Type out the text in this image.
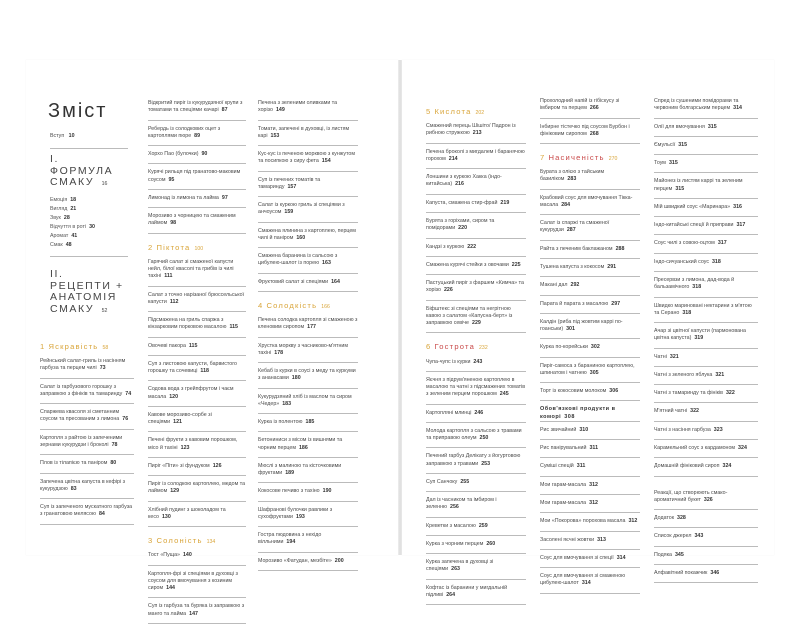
Зміст
Вступ 10
I.
ФОРМУЛА
СМАКУ 16
Емоція 18
Вигляд 21
Звук 28
Відчуття в роті 30
Аромат 41
Смак 48
II.
РЕЦЕПТИ +
АНАТОМІЯ
СМАКУ 52
1 Яскравість 58
Рейнський салат-гриль із насінням гарбуза та перцем чилі 73
Салат із гарбузового горошку з заправкою з фініків та тамаринду 74
Спаржева квасоля зі сметанним соусом та пресованим з лимона 76
Картопля з райтою із запеченими зернами кукурудзи і броколі 78
Плов із тілапією та паніром 80
Запечена цвітна капуста в кефірі з кукурудзою 83
Суп із запеченого мускатного гарбуза з гранатовою мелясою 84
Відкритий пиріг із кукурудзяної крупи з томатами та спеціями качарі 87
Ребердь із солодкових оцет з картоплями пюре 89
Хорхо Пао (булочки) 90
Курячі рильця під гранатово-маковим соусом 95
Лимонад із лимона та лайма 97
Морозиво з чорницею та смаженим лаймом 98
2 Піктота 100
Гарячий салат зі смаженої капусти нейл, білої квасолі та грибів із чилі тахіні 111
Салат з точно нарізаної брюссельської капусти 112
Підсмажена на гриль спаржа з кінзарковим порковою масалою 115
Овочеві пакора 115
Суп з листовою капусти, барвистого горошку та сочевиці 118
Содова вода з грейпфрутом і чаєм масала 120
Кавове морозиво-сорбе зі спеціями 121
Печені фрукти з кавовим порошком, місо й тахіні 123
Пиріг «Піти» зі фундуком 126
Пиріг із солодкою картоплею, медом та лаймом 129
Хлібний пудинг з шоколадом та кесо 130
3 Солоність 134
Тост «Пуща» 140
Картопля-фрі зі спеціями в духовці з соусом для вмочування з козиним сиром 144
Суп із гарбуза та буряка із заправкою з манго та лайма 147
Печена з зеленими оливками та хорізо 149
Томати, запечені в духовці, із листям карі 153
Кус-кус із печеною морквою з кунжутом та посипкою з сиру фета 154
Суп із печених томатів та тамаринду 157
Салат із куркою гриль зі спеціями з анчоусом 159
Смажена ялинина з картоплею, перцем чилі й паніром 160
Смажена баранина із сальсою з цибулею-шалот із порею 163
Фруктовий салат зі спеціями 164
4 Солодкість 166
Печена солодка картопля зі смаженою з кленовим сиропом 177
Хрустка моркву з часниково-м'ятним тахіні 178
Кебаб із курки в соусі з меду та куркуми з ананасами 180
Кукурудзяний хліб із маслом та сиром «Чедер» 183
Курка із полентою 185
Бетониниси з місом із вишнями та чорним перцем 186
Мюслі з малиною та кісточковими фруктами 189
Кокосове печиво з тахіно 190
Шафранові булочки равлики з сухофруктами 193
Гостра пюдовина з нехідо вілльними 194
Морозиво «Фатудан, мезбіте» 200
5 Кислота 202
Смажений перець Шішіто/ Падрон із рибною стружкою 213
Печена броколі з мигдалем і баранячою горохом 214
Лоншини з куркою Хакка (індо-китайська) 216
Капуста, смажена стир-фрай 219
Бурята з горіхами, сиром та помідорами 220
Кандзі з куркою 222
Смажена курячі стейки з овочами 225
Пастуцький пиріг з фаршем «Кимча» та хорізо 226
Біфштекс зі спеціями та негрітною кавою з салатом «Капусна-берт» із заправкою севіче 229
6 Гострота 232
Чупа-чупс із курки 243
Яєчня з підрум'яненою картоплею в масалою та чатні з підсмажених томатів з зеленим перцем порошком 245
Картопляні млинці 246
Молода картопля з сальсою з травами та приправою олеум 250
Печений гарбуз Делікату з йогуртовою заправкою з травами 253
Суп Санчоку 255
Дал із часником та імбиром і зеленню 256
Креветки з масалою 259
Курка з чорним перцем 260
Курка запечена в духовці зі спеціями 263
Кофтас із баранини у мигдальній підливі 264
Прохолодний напій із гібіскусу зі імбиром та перцем 266
Інбирне тістечко під соусом Бурбон і фініковим сиропом 268
7 Насиченість 270
Бурата з олією з тайським базиліком 283
Крабовий соус для вмочування Тікка-масала 284
Салат із спаржі та смаженої кукурудзи 287
Райта з печеним баклажаном 288
Тушена капуста з кокосом 291
Макані дал 292
Парата й парата з масалою 297
Калдін (риба під жовтим каррі по-гоанськи) 301
Курка по-корейськи 302
Пиріг-самоса з бараниною картоплею, шпинатом і чатнею 305
Торт із кокосовим молоком 306
Обов'язкові продукти в коморі 308
Рис звичайний 310
Рис панірувальний 311
Суміші спецій 311
Мои гарам-масала 312
Мои гарам-масала 312
Мои «Покорова» порохова масала 312
Засолені яєчні жовтки 313
Соус для вмочування зі спеції 314
Соус для вмочування зі смаженою цибулею-шалот 314
Спред із сушеними помідорами та червоним болгарським перцем 314
Олії для вмочування 315
Ємульсії 315
Тоум 315
Майонез із листям каррі та зеленим перцем 315
Мій швидкий соус «Маринара» 316
Індо-китайські спеції й приправи 317
Соус чилі з совою-оцтом 317
Індо-сичуанський соус 318
Пресервзи з лимона, дад-вода й бальзамічного 318
Швидко мариновані нектарини з м'ятою та Серано 318
Ачар зі цвітної капусти (пармонована цвітна капуста) 319
Чатні 321
Чатні з зеленого яблука 321
Чатні з тамаринду та фініків 322
М'ятний чатні 322
Чатні з насіння гарбуза 323
Карамельний соус з кардамоном 324
Домашній фініковий сироп 324
Реакції, що створюють смако-ароматичний букет 326
Додаток 328
Список джерел 343
Подяка 345
Алфавітний покажчик 346
